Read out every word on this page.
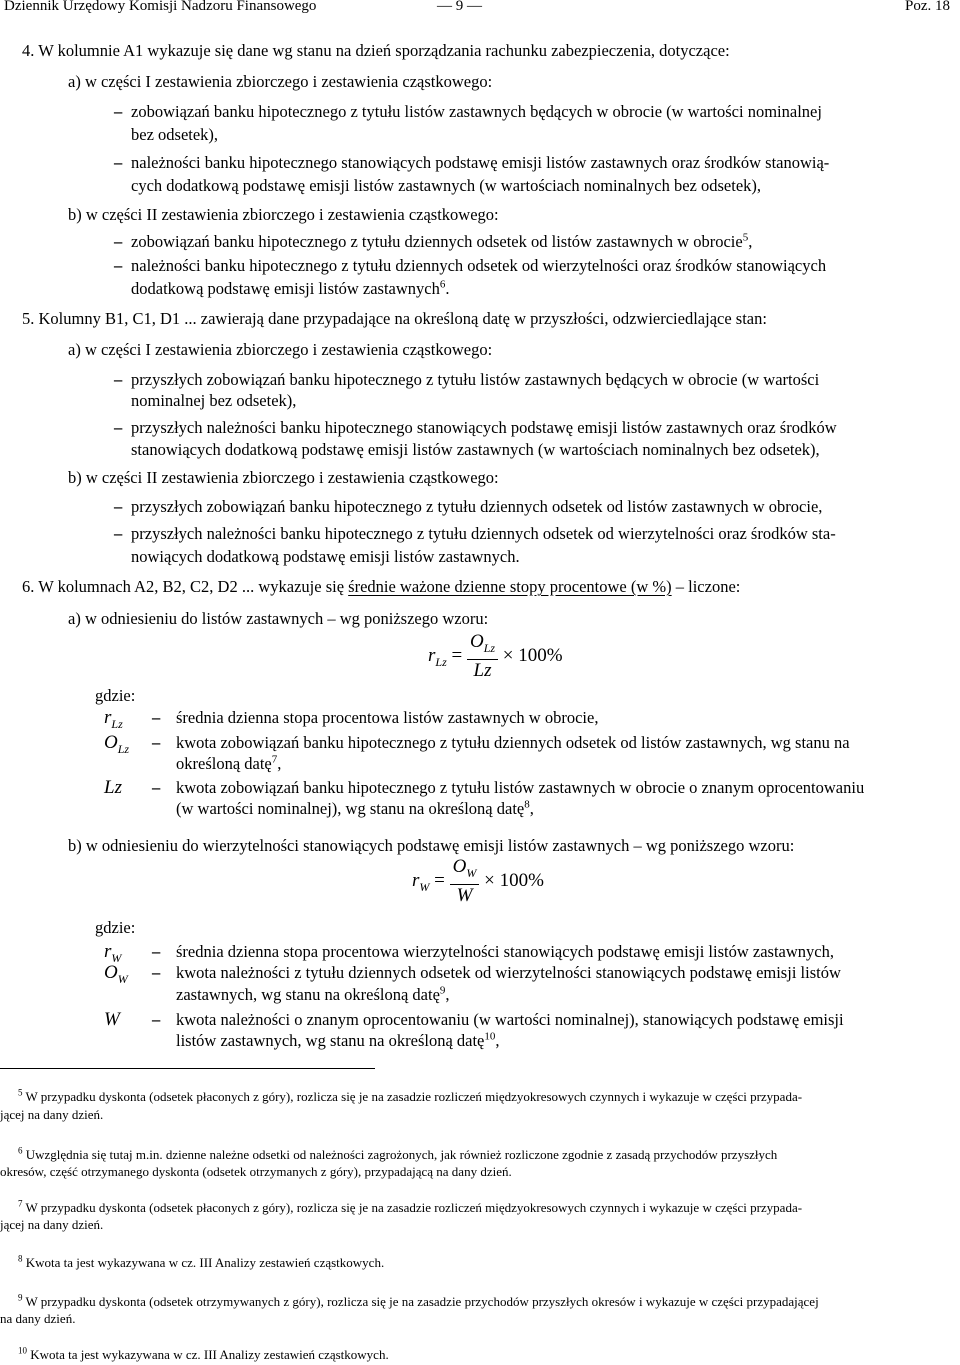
Dziennik Urzędowy Komisji Nadzoru Finansowego	— 9 —	Poz. 18
4. W kolumnie A1 wykazuje się dane wg stanu na dzień sporządzania rachunku zabezpieczenia, dotyczące:
a) w części I zestawienia zbiorczego i zestawienia cząstkowego:
– zobowiązań banku hipotecznego z tytułu listów zastawnych będących w obrocie (w wartości nominalnej
bez odsetek),
– należności banku hipotecznego stanowiących podstawę emisji listów zastawnych oraz środków stanowią-
cych dodatkową podstawę emisji listów zastawnych (w wartościach nominalnych bez odsetek),
b) w części II zestawienia zbiorczego i zestawienia cząstkowego:
– zobowiązań banku hipotecznego z tytułu dziennych odsetek od listów zastawnych w obrocie$^5$,
– należności banku hipotecznego z tytułu dziennych odsetek od wierzytelności oraz środków stanowiących
dodatkową podstawę emisji listów zastawnych$^6$.
5. Kolumny B1, C1, D1 ... zawierają dane przypadające na określoną datę w przyszłości, odzwierciedlające stan:
a) w części I zestawienia zbiorczego i zestawienia cząstkowego:
– przyszłych zobowiązań banku hipotecznego z tytułu listów zastawnych będących w obrocie (w wartości
nominalnej bez odsetek),
– przyszłych należności banku hipotecznego stanowiących podstawę emisji listów zastawnych oraz środków
stanowiących dodatkową podstawę emisji listów zastawnych (w wartościach nominalnych bez odsetek),
b) w części II zestawienia zbiorczego i zestawienia cząstkowego:
– przyszłych zobowiązań banku hipotecznego z tytułu dziennych odsetek od listów zastawnych w obrocie,
– przyszłych należności banku hipotecznego z tytułu dziennych odsetek od wierzytelności oraz środków sta-
nowiących dodatkową podstawę emisji listów zastawnych.
6. W kolumnach A2, B2, C2, D2 ... wykazuje się średnie ważone dzienne stopy procentowe (w %) – liczone:
a) w odniesieniu do listów zastawnych – wg poniższego wzoru:
$r_{Lz} = \frac{O_{Lz}}{Lz} \times 100\%$
gdzie:
$r_{Lz}$ – średnia dzienna stopa procentowa listów zastawnych w obrocie,
$O_{Lz}$ – kwota zobowiązań banku hipotecznego z tytułu dziennych odsetek od listów zastawnych, wg stanu na
określoną datę$^7$,
Lz – kwota zobowiązań banku hipotecznego z tytułu listów zastawnych w obrocie o znanym oprocentowaniu
(w wartości nominalnej), wg stanu na określoną datę$^8$,
b) w odniesieniu do wierzytelności stanowiących podstawę emisji listów zastawnych – wg poniższego wzoru:
$r_W = \frac{O_W}{W} \times 100\%$
gdzie:
$r_W$ – średnia dzienna stopa procentowa wierzytelności stanowiących podstawę emisji listów zastawnych,
$O_W$ – kwota należności z tytułu dziennych odsetek od wierzytelności stanowiących podstawę emisji listów
zastawnych, wg stanu na określoną datę$^9$,
W – kwota należności o znanym oprocentowaniu (w wartości nominalnej), stanowiących podstawę emisji
listów zastawnych, wg stanu na określoną datę$^{10}$,
$^5$ W przypadku dyskonta (odsetek płaconych z góry), rozlicza się je na zasadzie rozliczeń międzyokresowych czynnych i wykazuje w części przypada-
jącej na dany dzień.
$^6$ Uwzględnia się tutaj m.in. dzienne należne odsetki od należności zagrożonych, jak również rozliczone zgodnie z zasadą przychodów przyszłych
okresów, część otrzymanego dyskonta (odsetek otrzymanych z góry), przypadającą na dany dzień.
$^7$ W przypadku dyskonta (odsetek płaconych z góry), rozlicza się je na zasadzie rozliczeń międzyokresowych czynnych i wykazuje w części przypada-
jącej na dany dzień.
$^8$ Kwota ta jest wykazywana w cz. III Analizy zestawień cząstkowych.
$^9$ W przypadku dyskonta (odsetek otrzymywanych z góry), rozlicza się je na zasadzie przychodów przyszłych okresów i wykazuje w części przypadającej
na dany dzień.
$^{10}$ Kwota ta jest wykazywana w cz. III Analizy zestawień cząstkowych.
